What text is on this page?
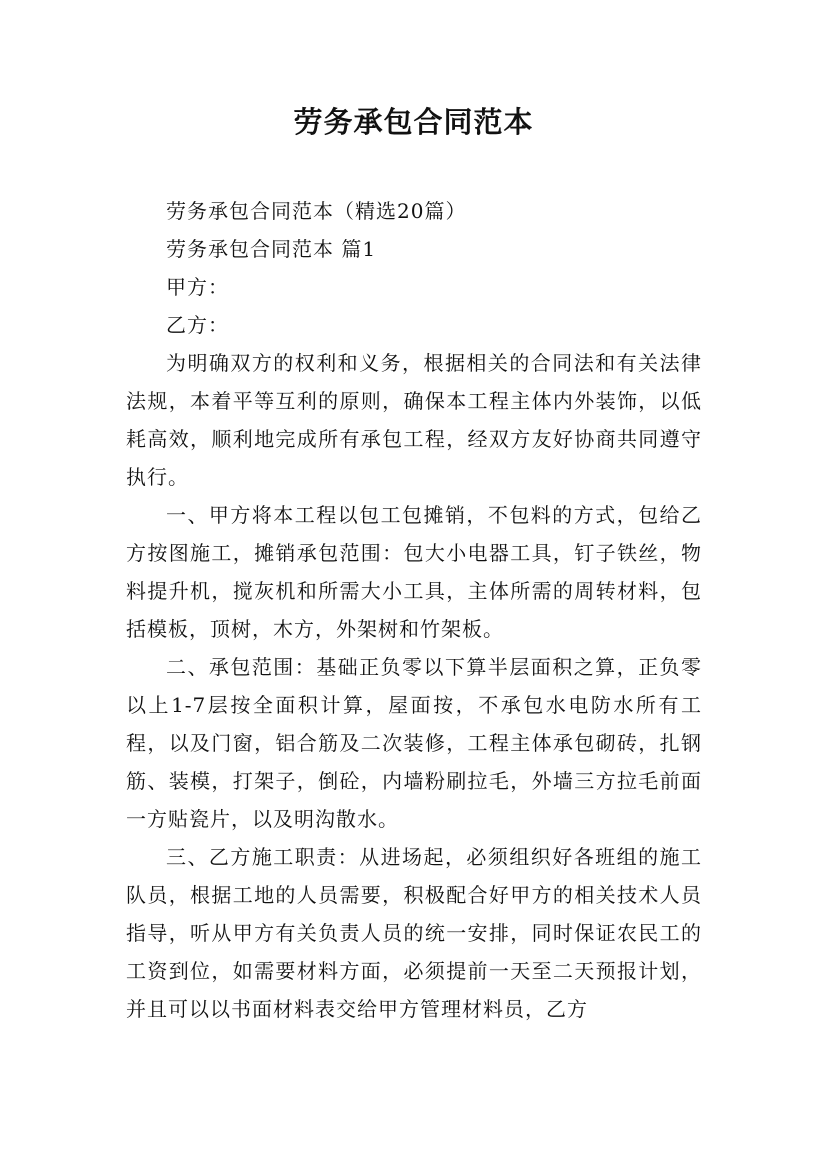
劳务承包合同范本

劳务承包合同范本（精选20篇）

劳务承包合同范本 篇1

甲方：

乙方：

为明确双方的权利和义务，根据相关的合同法和有关法律法规，本着平等互利的原则，确保本工程主体内外装饰，以低耗高效，顺利地完成所有承包工程，经双方友好协商共同遵守执行。

一、甲方将本工程以包工包摊销，不包料的方式，包给乙方按图施工，摊销承包范围：包大小电器工具，钉子铁丝，物料提升机，搅灰机和所需大小工具，主体所需的周转材料，包括模板，顶树，木方，外架树和竹架板。

二、承包范围：基础正负零以下算半层面积之算，正负零以上1-7层按全面积计算，屋面按，不承包水电防水所有工程，以及门窗，铝合筋及二次装修，工程主体承包砌砖，扎钢筋、装模，打架子，倒砼，内墙粉刷拉毛，外墙三方拉毛前面一方贴瓷片，以及明沟散水。

三、乙方施工职责：从进场起，必须组织好各班组的施工队员，根据工地的人员需要，积极配合好甲方的相关技术人员指导，听从甲方有关负责人员的统一安排，同时保证农民工的工资到位，如需要材料方面，必须提前一天至二天预报计划，并且可以以书面材料表交给甲方管理材料员，乙方
